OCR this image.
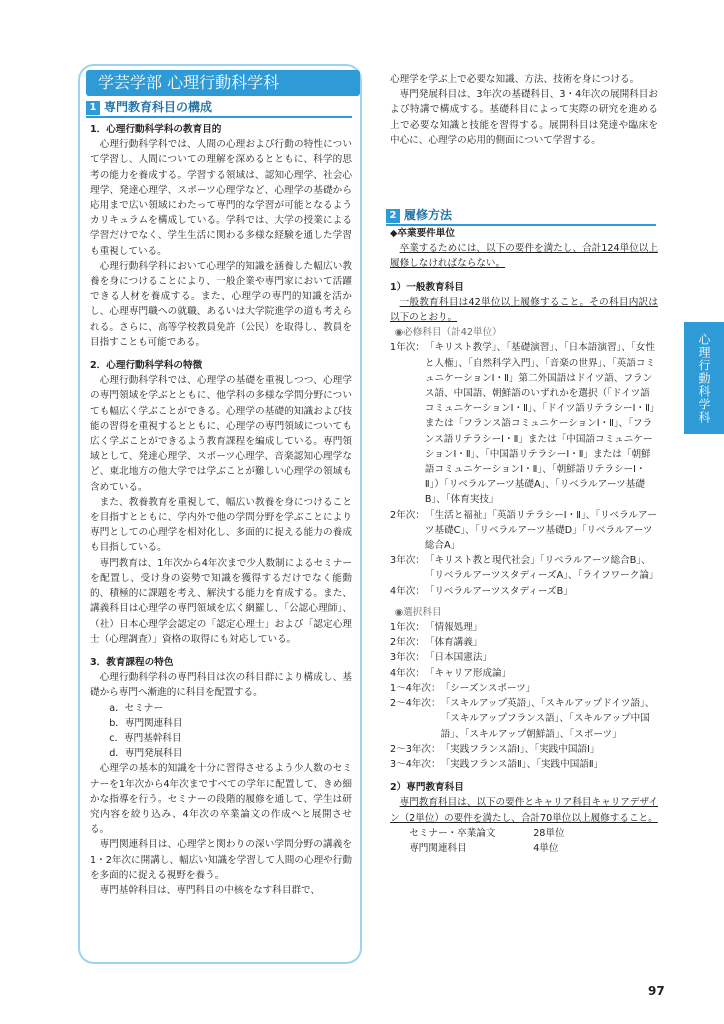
学芸学部 心理行動科学科
1 専門教育科目の構成

1．心理行動科学科の教育目的

心理行動科学科では、人間の心理および行動の特性について学習し、人間についての理解を深めるとともに、科学的思考の能力を養成する。学習する領域は、認知心理学、社会心理学、発達心理学、スポーツ心理学など、心理学の基礎から応用まで広い領域にわたって専門的な学習が可能となるようカリキュラムを構成している。学科では、大学の授業による学習だけでなく、学生生活に関わる多様な経験を通した学習も重視している。

心理行動科学科において心理学的知識を涵養した幅広い教養を身につけることにより、一般企業や専門家において活躍できる人材を養成する。また、心理学の専門的知識を活かし、心理専門職への就職、あるいは大学院進学の道も考えられる。さらに、高等学校教員免許（公民）を取得し、教員を目指すことも可能である。

2．心理行動科学科の特徴

心理行動科学科では、心理学の基礎を重視しつつ、心理学の専門領域を学ぶとともに、他学科の多様な学問分野についても幅広く学ぶことができる。心理学の基礎的知識および技能の習得を重視するとともに、心理学の専門領域についても広く学ぶことができるよう教育課程を編成している。専門領域として、発達心理学、スポーツ心理学、音楽認知心理学など、東北地方の他大学では学ぶことが難しい心理学の領域も含めている。

また、教養教育を重視して、幅広い教養を身につけることを目指すとともに、学内外で他の学問分野を学ぶことにより専門としての心理学を相対化し、多面的に捉える能力の養成も目指している。

専門教育は、1年次から4年次まで少人数制によるセミナーを配置し、受け身の姿勢で知識を獲得するだけでなく能動的、積極的に課題を考え、解決する能力を育成する。また、講義科目は心理学の専門領域を広く網羅し、「公認心理師」、（社）日本心理学会認定の「認定心理士」および「認定心理士（心理調査）」資格の取得にも対応している。

3．教育課程の特色

心理行動科学科の専門科目は次の科目群により構成し、基礎から専門へ漸進的に科目を配置する。

a．セミナー

b．専門関連科目

c．専門基幹科目

d．専門発展科目

心理学の基本的知識を十分に習得させるよう少人数のセミナーを1年次から4年次まですべての学年に配置して、きめ細かな指導を行う。セミナーの段階的履修を通して、学生は研究内容を絞り込み、4年次の卒業論文の作成へと展開させる。

専門関連科目は、心理学と関わりの深い学問分野の講義を1・2年次に開講し、幅広い知識を学習して人間の心理や行動を多面的に捉える視野を養う。

専門基幹科目は、専門科目の中核をなす科目群で、

心理学を学ぶ上で必要な知識、方法、技術を身につける。

専門発展科目は、3年次の基礎科目、3・4年次の展開科目および特講で構成する。基礎科目によって実際の研究を進める上で必要な知識と技能を習得する。展開科目は発達や臨床を中心に、心理学の応用的側面について学習する。

2 履修方法

◆卒業要件単位

卒業するためには、以下の要件を満たし、合計124単位以上履修しなければならない。

1）一般教育科目

一般教育科目は42単位以上履修すること。その科目内訳は以下のとおり。

◉必修科目（計42単位）

1年次： 「キリスト教学」、「基礎演習」、「日本語演習」、「女性と人権」、「自然科学入門」、「音楽の世界」、「英語コミュニケーションⅠ・Ⅱ」第二外国語はドイツ語、フランス語、中国語、朝鮮語のいずれかを選択（「ドイツ語コミュニケーションⅠ・Ⅱ」、「ドイツ語リテラシーⅠ・Ⅱ」または「フランス語コミュニケーションⅠ・Ⅱ」、「フランス語リテラシーⅠ・Ⅱ」または「中国語コミュニケーションⅠ・Ⅱ」、「中国語リテラシーⅠ・Ⅱ」または「朝鮮語コミュニケーションⅠ・Ⅱ」、「朝鮮語リテラシーⅠ・Ⅱ」）「リベラルアーツ基礎A」、「リベラルアーツ基礎B」、「体育実技」
2年次： 「生活と福祉」「英語リテラシーⅠ・Ⅱ」、「リベラルアーツ基礎C」、「リベラルアーツ基礎D」「リベラルアーツ総合A」
3年次： 「キリスト教と現代社会」「リベラルアーツ総合B」、「リベラルアーツスタディーズA」、「ライフワーク論」
4年次： 「リベラルアーツスタディーズB」

◉選択科目

1年次： 「情報処理」
2年次： 「体育講義」
3年次： 「日本国憲法」
4年次： 「キャリア形成論」
1～4年次： 「シーズンスポーツ」
2～4年次： 「スキルアップ英語」、「スキルアップドイツ語」、「スキルアップフランス語」、「スキルアップ中国語」、「スキルアップ朝鮮語」、「スポーツ」
2～3年次： 「実践フランス語Ⅰ」、「実践中国語Ⅰ」
3～4年次： 「実践フランス語Ⅱ」、「実践中国語Ⅱ」

2）専門教育科目

専門教育科目は、以下の要件とキャリア科目キャリアデザイン（2単位）の要件を満たし、合計70単位以上履修すること。

セミナー・卒業論文	28単位
専門関連科目	4単位
心理行動科学科
97
